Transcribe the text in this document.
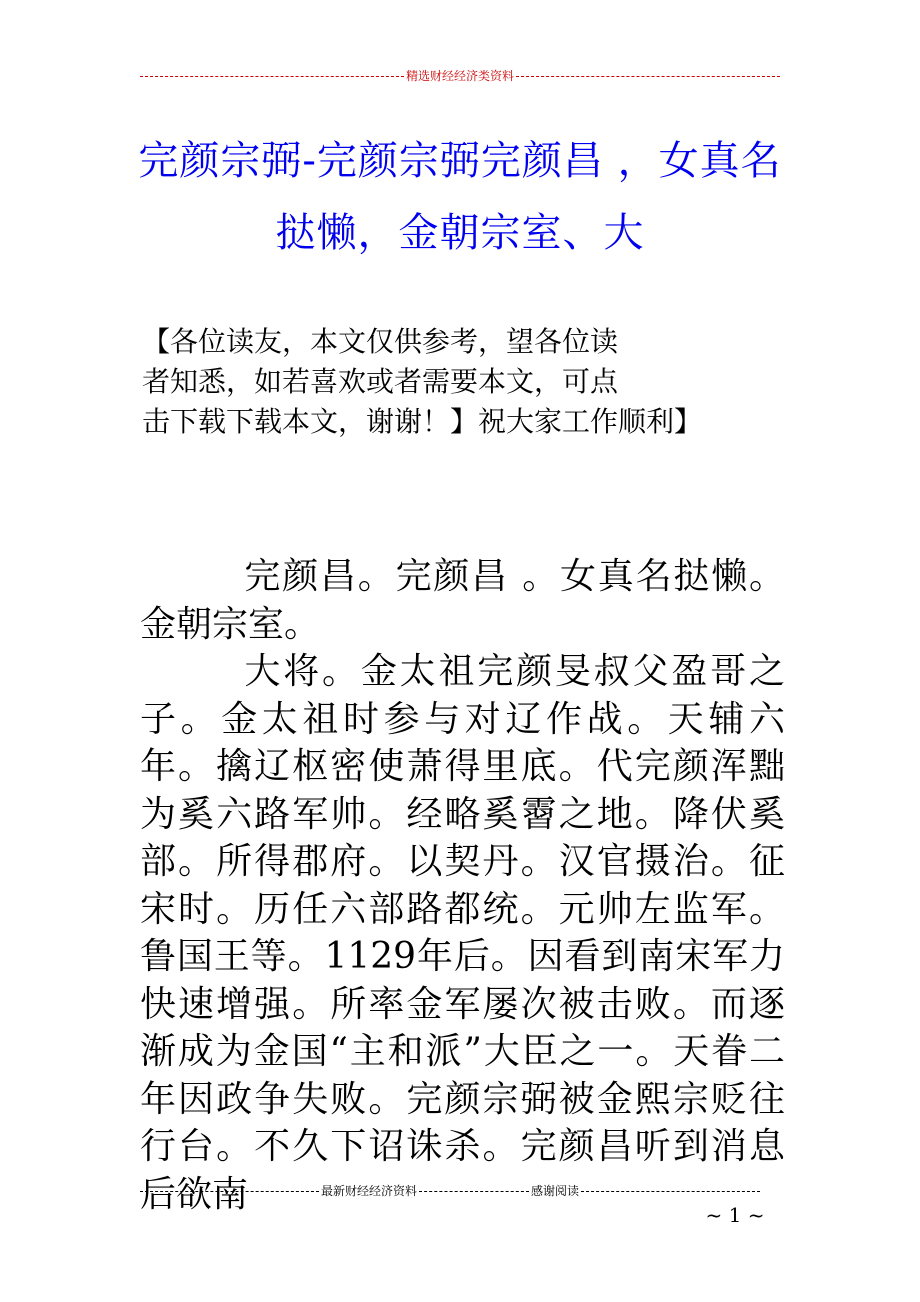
精选财经经济类资料
完颜宗弼-完颜宗弼完颜昌 ，女真名
挞懒，金朝宗室、大
【各位读友，本文仅供参考，望各位读
者知悉，如若喜欢或者需要本文，可点
击下载下载本文，谢谢！】祝大家工作顺利】

完颜昌。完颜昌 。女真名挞懒。金朝宗室。

大将。金太祖完颜旻叔父盈哥之子。金太祖时参与对辽作战。天辅六年。擒辽枢密使萧得里底。代完颜浑黜为奚六路军帅。经略奚霫之地。降伏奚部。所得郡府。以契丹。汉官摄治。征宋时。历任六部路都统。元帅左监军。鲁国王等。1129年后。因看到南宋军力快速增强。所率金军屡次被击败。而逐渐成为金国“主和派”大臣之一。天眷二年因政争失败。完颜宗弼被金熙宗贬往行台。不久下诏诛杀。完颜昌听到消息后欲南	最新财经经济资料	感谢阅读
~ 1 ~
